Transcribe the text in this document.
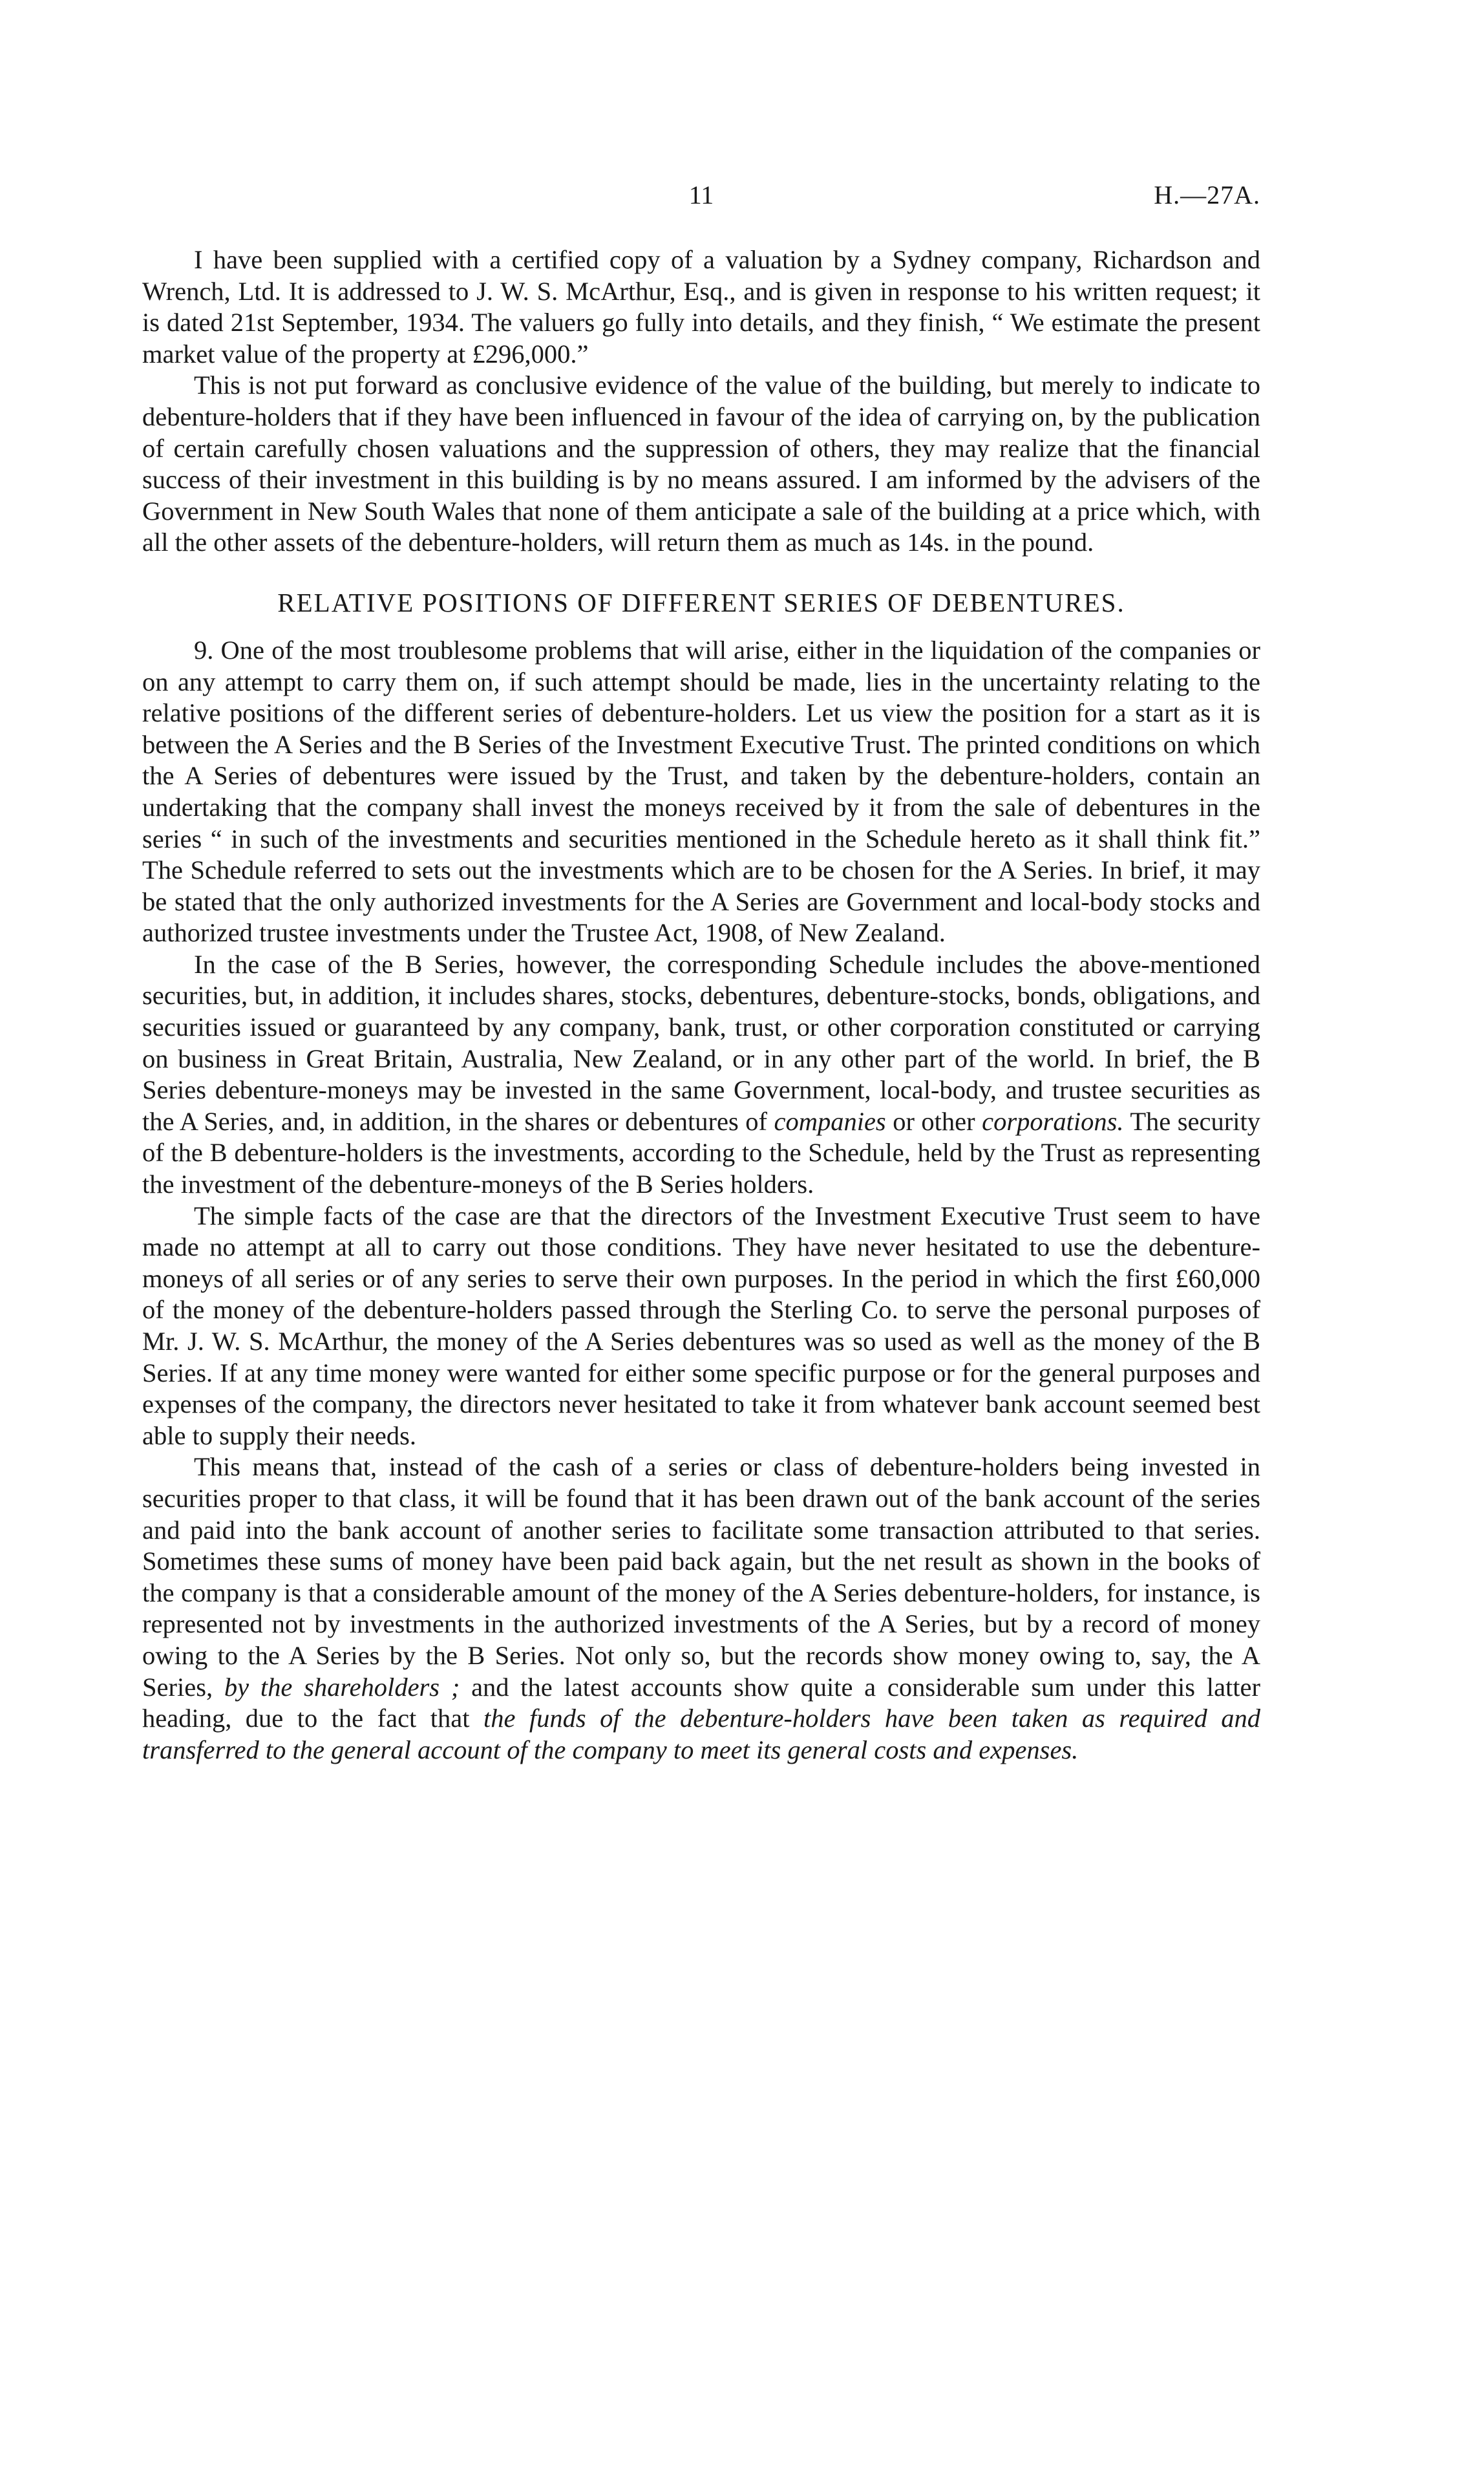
11	H.—27A.

I have been supplied with a certified copy of a valuation by a Sydney company, Richardson and Wrench, Ltd. It is addressed to J. W. S. McArthur, Esq., and is given in response to his written request; it is dated 21st September, 1934. The valuers go fully into details, and they finish, “ We estimate the present market value of the property at £296,000.”

This is not put forward as conclusive evidence of the value of the building, but merely to indicate to debenture-holders that if they have been influenced in favour of the idea of carrying on, by the publication of certain carefully chosen valuations and the suppression of others, they may realize that the financial success of their investment in this building is by no means assured. I am informed by the advisers of the Government in New South Wales that none of them anticipate a sale of the building at a price which, with all the other assets of the debenture-holders, will return them as much as 14s. in the pound.

RELATIVE POSITIONS OF DIFFERENT SERIES OF DEBENTURES.

9. One of the most troublesome problems that will arise, either in the liquidation of the companies or on any attempt to carry them on, if such attempt should be made, lies in the uncertainty relating to the relative positions of the different series of debenture-holders. Let us view the position for a start as it is between the A Series and the B Series of the Investment Executive Trust. The printed conditions on which the A Series of debentures were issued by the Trust, and taken by the debenture-holders, contain an undertaking that the company shall invest the moneys received by it from the sale of debentures in the series “ in such of the investments and securities mentioned in the Schedule hereto as it shall think fit.” The Schedule referred to sets out the investments which are to be chosen for the A Series. In brief, it may be stated that the only authorized investments for the A Series are Government and local-body stocks and authorized trustee investments under the Trustee Act, 1908, of New Zealand.

In the case of the B Series, however, the corresponding Schedule includes the above-mentioned securities, but, in addition, it includes shares, stocks, debentures, debenture-stocks, bonds, obligations, and securities issued or guaranteed by any company, bank, trust, or other corporation constituted or carrying on business in Great Britain, Australia, New Zealand, or in any other part of the world. In brief, the B Series debenture-moneys may be invested in the same Government, local-body, and trustee securities as the A Series, and, in addition, in the shares or debentures of companies or other corporations. The security of the B debenture-holders is the investments, according to the Schedule, held by the Trust as representing the investment of the debenture-moneys of the B Series holders.

The simple facts of the case are that the directors of the Investment Executive Trust seem to have made no attempt at all to carry out those conditions. They have never hesitated to use the debenture-moneys of all series or of any series to serve their own purposes. In the period in which the first £60,000 of the money of the debenture-holders passed through the Sterling Co. to serve the personal purposes of Mr. J. W. S. McArthur, the money of the A Series debentures was so used as well as the money of the B Series. If at any time money were wanted for either some specific purpose or for the general purposes and expenses of the company, the directors never hesitated to take it from whatever bank account seemed best able to supply their needs.

This means that, instead of the cash of a series or class of debenture-holders being invested in securities proper to that class, it will be found that it has been drawn out of the bank account of the series and paid into the bank account of another series to facilitate some transaction attributed to that series. Sometimes these sums of money have been paid back again, but the net result as shown in the books of the company is that a considerable amount of the money of the A Series debenture-holders, for instance, is represented not by investments in the authorized investments of the A Series, but by a record of money owing to the A Series by the B Series. Not only so, but the records show money owing to, say, the A Series, by the shareholders ; and the latest accounts show quite a considerable sum under this latter heading, due to the fact that the funds of the debenture-holders have been taken as required and transferred to the general account of the company to meet its general costs and expenses.
